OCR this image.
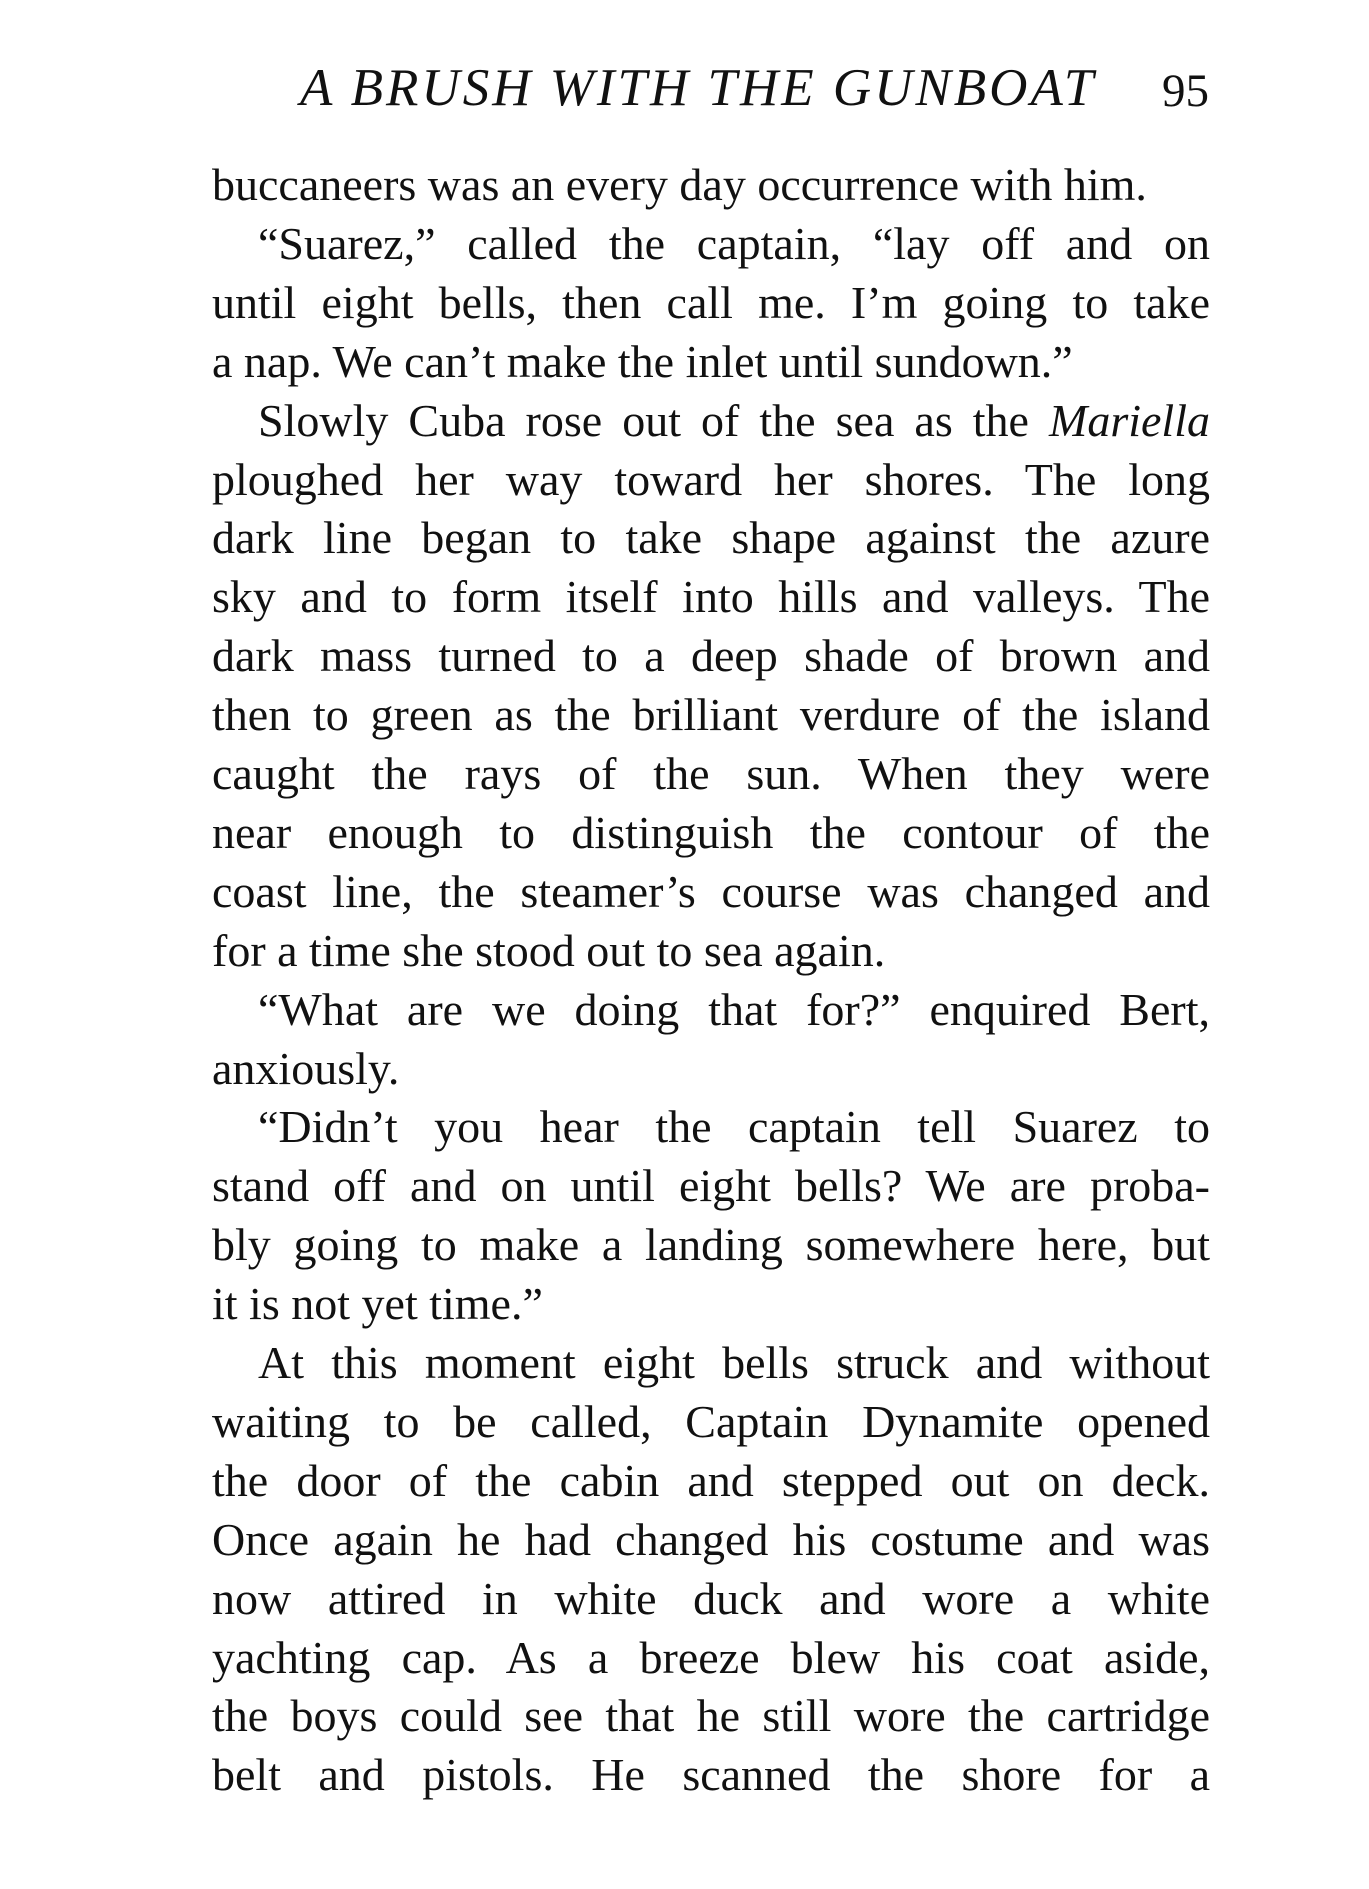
A BRUSH WITH THE GUNBOAT 95
buccaneers was an every day occurrence with him.
“Suarez,” called the captain, “lay off and on
until eight bells, then call me. I’m going to take
a nap. We can’t make the inlet until sundown.”
Slowly Cuba rose out of the sea as the Mariella
ploughed her way toward her shores. The long
dark line began to take shape against the azure
sky and to form itself into hills and valleys. The
dark mass turned to a deep shade of brown and
then to green as the brilliant verdure of the island
caught the rays of the sun. When they were
near enough to distinguish the contour of the
coast line, the steamer’s course was changed and
for a time she stood out to sea again.
“What are we doing that for?” enquired Bert,
anxiously.
“Didn’t you hear the captain tell Suarez to
stand off and on until eight bells? We are proba-
bly going to make a landing somewhere here, but
it is not yet time.”
At this moment eight bells struck and without
waiting to be called, Captain Dynamite opened
the door of the cabin and stepped out on deck.
Once again he had changed his costume and was
now attired in white duck and wore a white
yachting cap. As a breeze blew his coat aside,
the boys could see that he still wore the cartridge
belt and pistols. He scanned the shore for a
